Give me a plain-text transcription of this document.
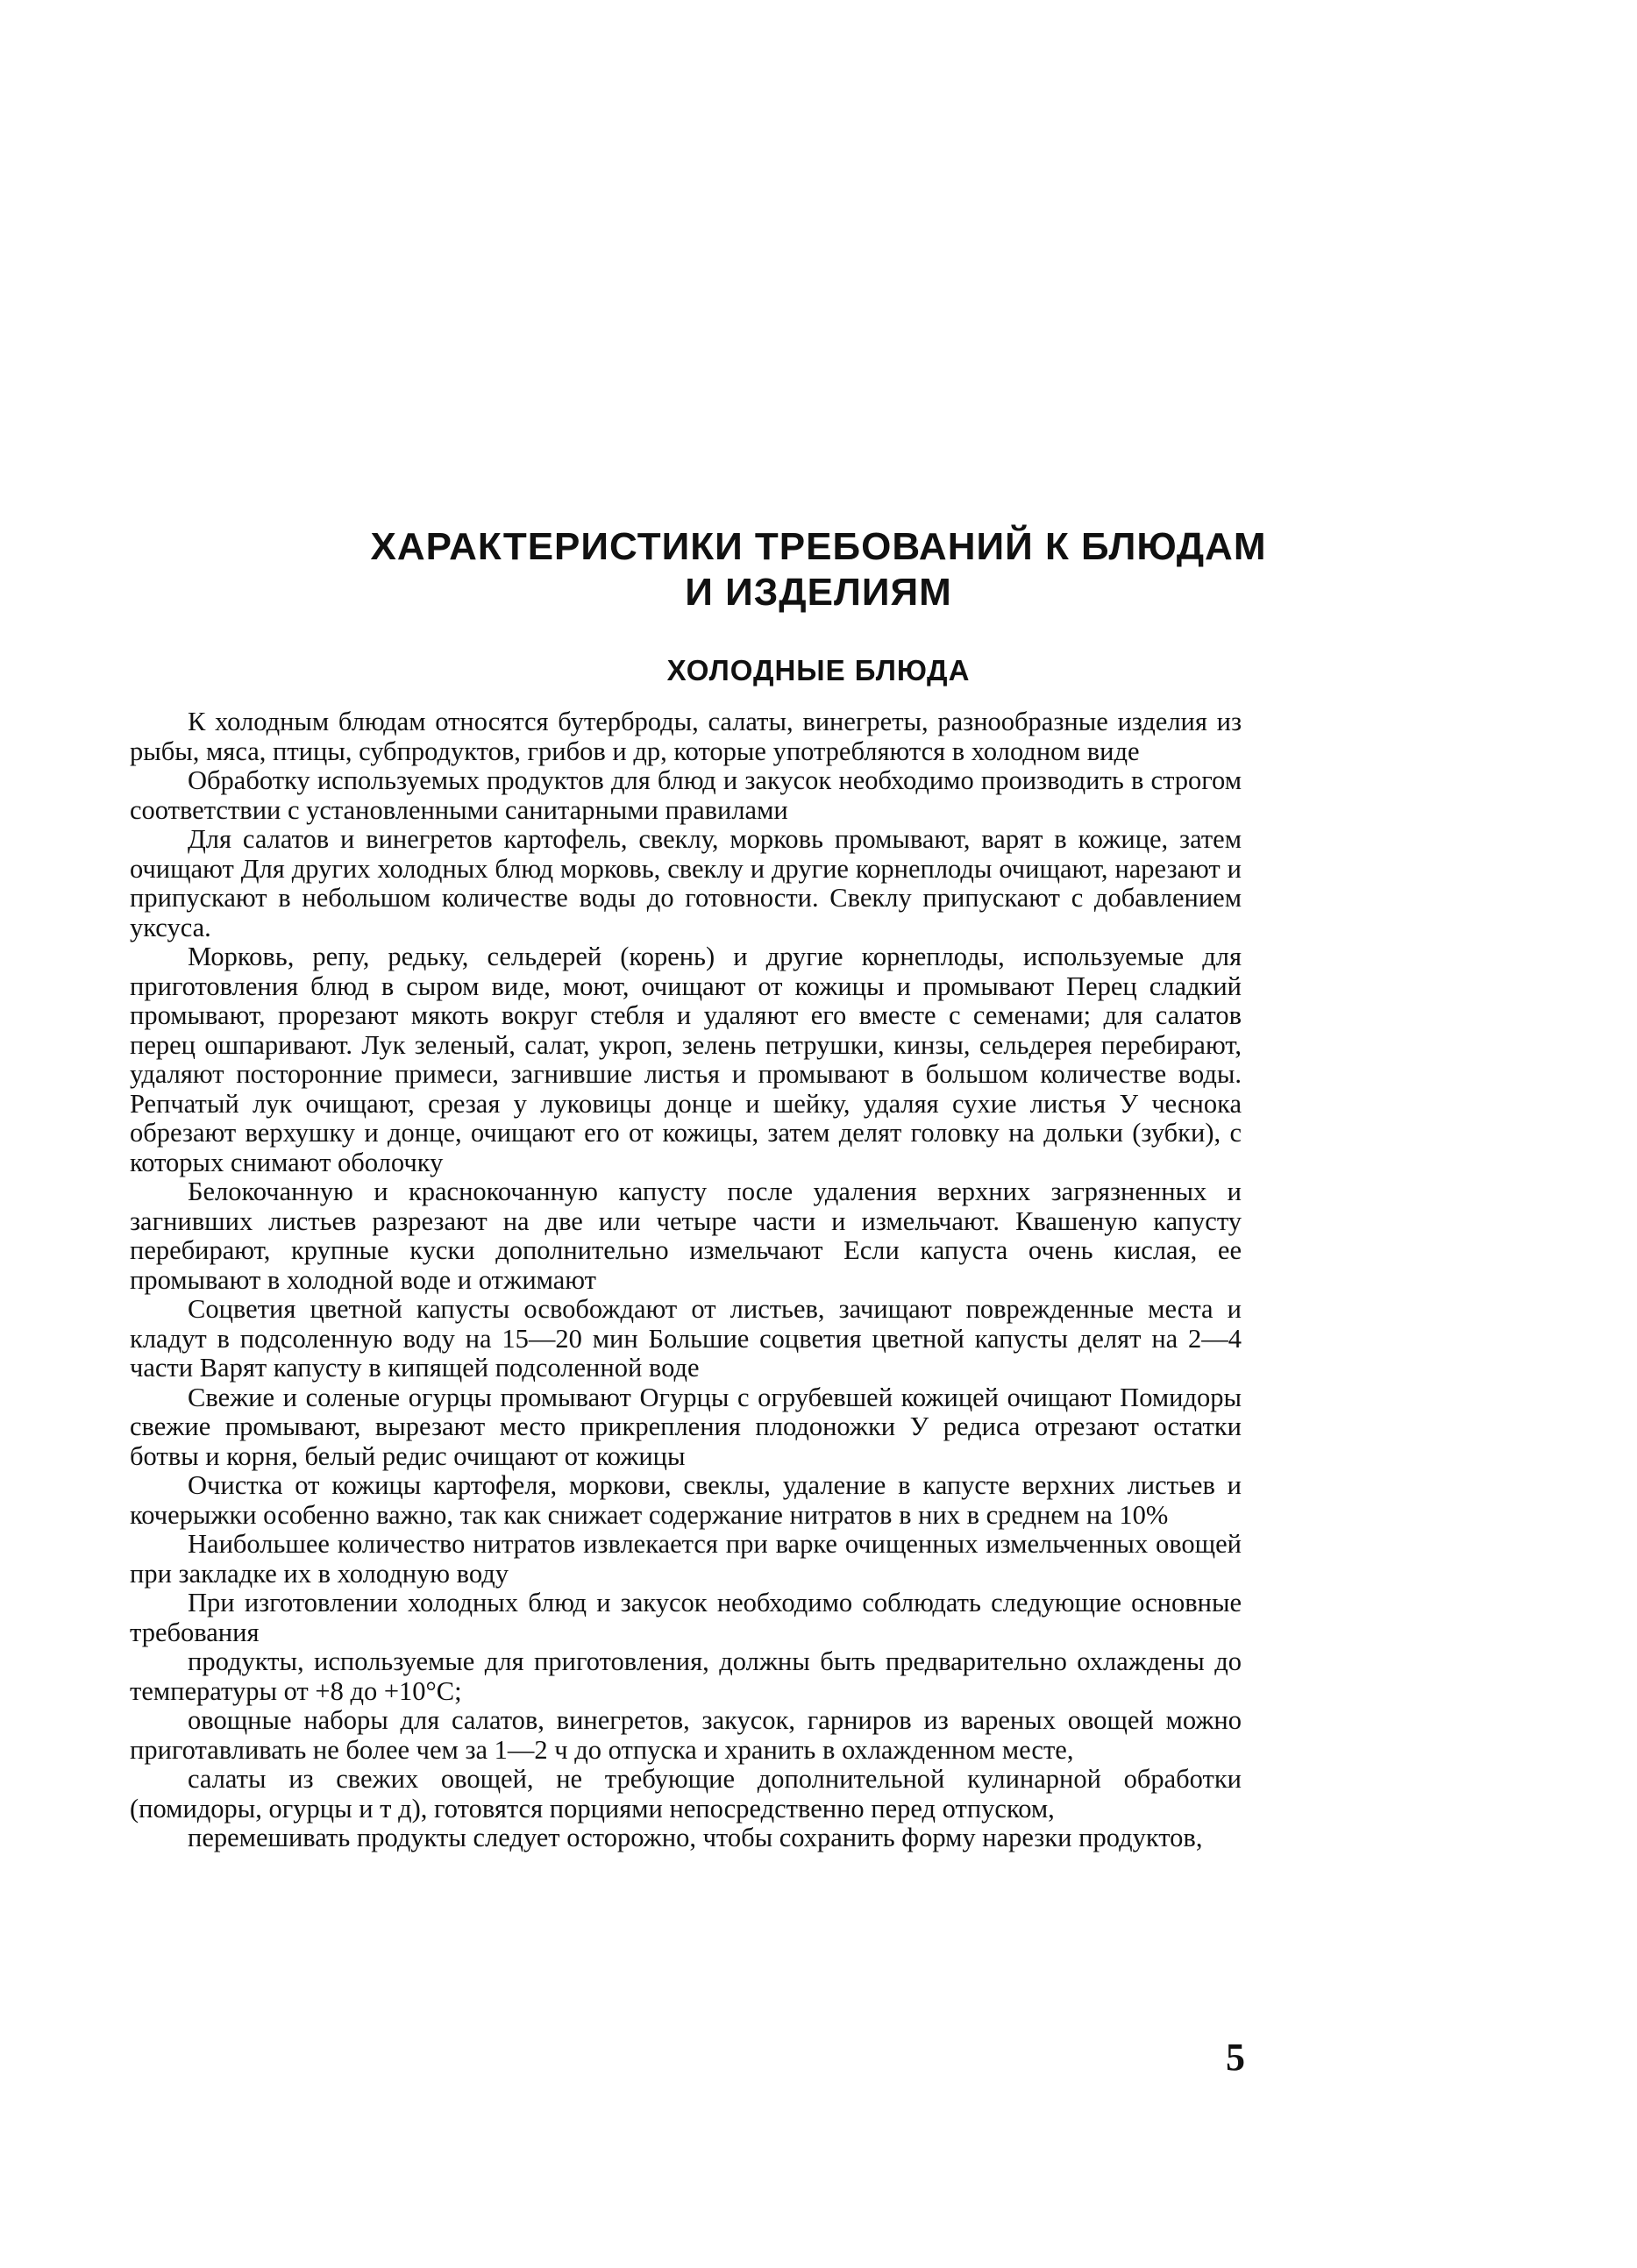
ХАРАКТЕРИСТИКИ ТРЕБОВАНИЙ К БЛЮДАМ
И ИЗДЕЛИЯМ
ХОЛОДНЫЕ БЛЮДА

К холодным блюдам относятся бутерброды, салаты, винегреты, разнообразные изделия из рыбы, мяса, птицы, субпродуктов, грибов и др, которые употребляются в холодном виде

Обработку используемых продуктов для блюд и закусок необходимо производить в строгом соответствии с установленными санитарными правилами

Для салатов и винегретов картофель, свеклу, морковь промывают, варят в кожице, затем очищают Для других холодных блюд морковь, свеклу и другие корнеплоды очищают, нарезают и припускают в небольшом количестве воды до готовности. Свеклу припускают с добавлением уксуса.

Морковь, репу, редьку, сельдерей (корень) и другие корнеплоды, используемые для приготовления блюд в сыром виде, моют, очищают от кожицы и промывают Перец сладкий промывают, прорезают мякоть вокруг стебля и удаляют его вместе с семенами; для салатов перец ошпаривают. Лук зеленый, салат, укроп, зелень петрушки, кинзы, сельдерея перебирают, удаляют посторонние примеси, загнившие листья и промывают в большом количестве воды. Репчатый лук очищают, срезая у луковицы донце и шейку, удаляя сухие листья У чеснока обрезают верхушку и донце, очищают его от кожицы, затем делят головку на дольки (зубки), с которых снимают оболочку

Белокочанную и краснокочанную капусту после удаления верхних загрязненных и загнивших листьев разрезают на две или четыре части и измельчают. Квашеную капусту перебирают, крупные куски дополнительно измельчают Если капуста очень кислая, ее промывают в холодной воде и отжимают

Соцветия цветной капусты освобождают от листьев, зачищают поврежденные места и кладут в подсоленную воду на 15—20 мин Большие соцветия цветной капусты делят на 2—4 части Варят капусту в кипящей подсоленной воде

Свежие и соленые огурцы промывают Огурцы с огрубевшей кожицей очищают Помидоры свежие промывают, вырезают место прикрепления плодоножки У редиса отрезают остатки ботвы и корня, белый редис очищают от кожицы

Очистка от кожицы картофеля, моркови, свеклы, удаление в капусте верхних листьев и кочерыжки особенно важно, так как снижает содержание нитратов в них в среднем на 10%

Наибольшее количество нитратов извлекается при варке очищенных измельченных овощей при закладке их в холодную воду

При изготовлении холодных блюд и закусок необходимо соблюдать следующие основные требования

продукты, используемые для приготовления, должны быть предварительно охлаждены до температуры от +8 до +10°С;

овощные наборы для салатов, винегретов, закусок, гарниров из вареных овощей можно приготавливать не более чем за 1—2 ч до отпуска и хранить в охлажденном месте,

салаты из свежих овощей, не требующие дополнительной кулинарной обработки (помидоры, огурцы и т д), готовятся порциями непосредственно перед отпуском,

перемешивать продукты следует осторожно, чтобы сохранить форму нарезки продуктов,

5
